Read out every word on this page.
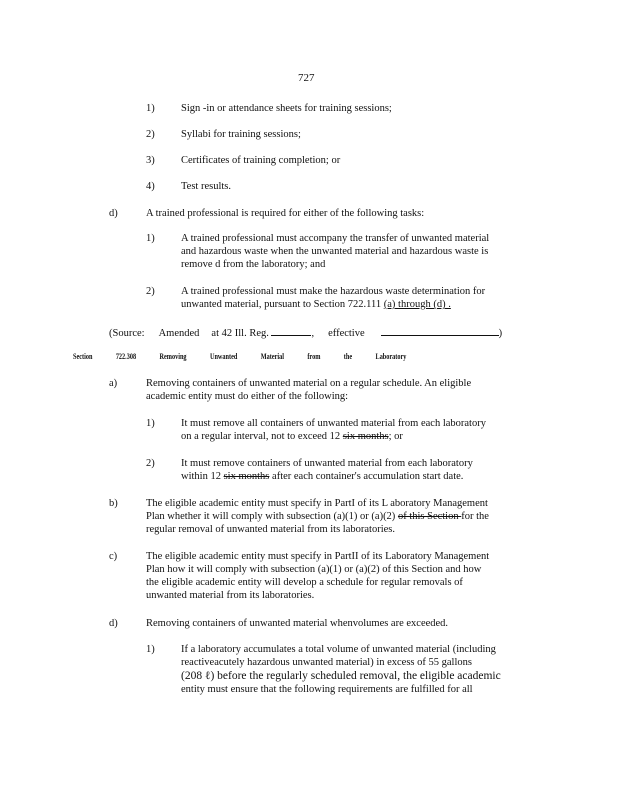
727
1)	Sign -in or attendance sheets for training sessions;
2)	Syllabi for training sessions;
3)	Certificates of training completion; or
4)	Test results.
d)	A trained professional is required for either of the following tasks:
1)	A trained professional must accompany the transfer of unwanted material
and hazardous waste when the unwanted material and hazardous waste is
remove d from the laboratory; and
2)	A trained professional must make the hazardous waste determination for
unwanted material, pursuant to Section 722.111 (a) through (d) .
(Source: Amended at 42 Ill. Reg.	, effective	)
Section	722.308	Removing	Unwanted	Material	from	the	Laboratory
a)	Removing containers of unwanted material on a regular schedule. An eligible
academic entity must do either of the following:
1)	It must remove all containers of unwanted material from each laboratory
on a regular interval, not to exceed 12 six months; or
2)	It must remove containers of unwanted material from each laboratory
within 12 six months after each container's accumulation start date.
b)	The eligible academic entity must specify in PartI of its L aboratory Management
Plan whether it will comply with subsection (a)(1) or (a)(2) of this Section for the
regular removal of unwanted material from its laboratories.
c)	The eligible academic entity must specify in PartII of its Laboratory Management
Plan how it will comply with subsection (a)(1) or (a)(2) of this Section and how
the eligible academic entity will develop a schedule for regular removals of
unwanted material from its laboratories.
d)	Removing containers of unwanted material whenvolumes are exceeded.
1)	If a laboratory accumulates a total volume of unwanted material (including
reactiveacutely hazardous unwanted material) in excess of 55 gallons
(208 ℓ) before the regularly scheduled removal, the eligible academic
entity must ensure that the following requirements are fulfilled for all
